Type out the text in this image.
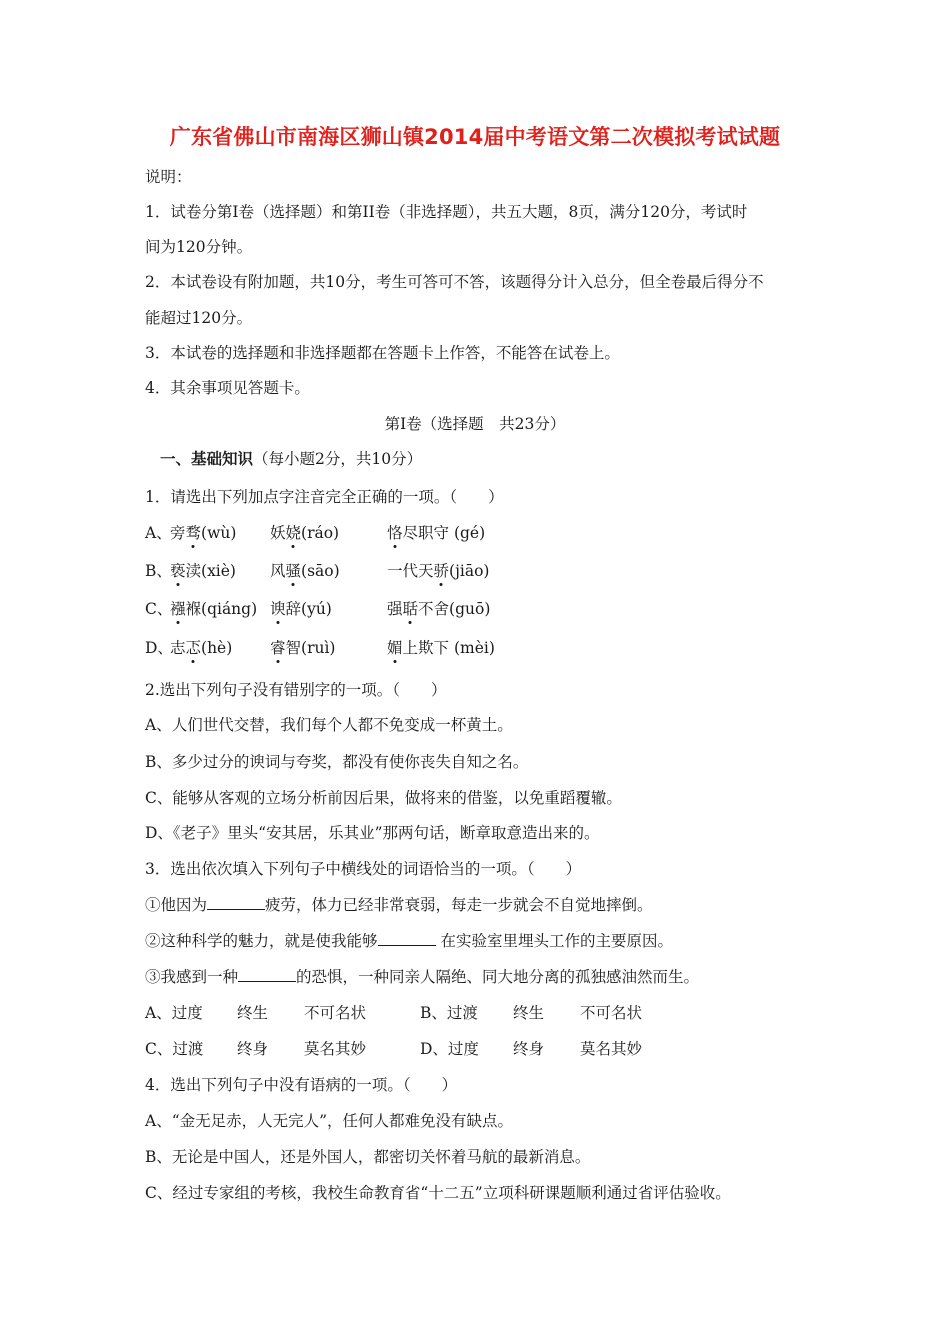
广东省佛山市南海区狮山镇2014届中考语文第二次模拟考试试题
说明：
1．试卷分第I卷（选择题）和第II卷（非选择题），共五大题，8页，满分120分，考试时
间为120分钟。
2．本试卷设有附加题，共10分，考生可答可不答，该题得分计入总分，但全卷最后得分不
能超过120分。
3．本试卷的选择题和非选择题都在答题卡上作答，不能答在试卷上。
4．其余事项见答题卡。
第Ⅰ卷（选择题　共23分）
一、基础知识（每小题2分，共10分）
1．请选出下列加点字注音完全正确的一项。（　　）
A、
旁骛(wù) 妖娆(ráo)	恪尽职守 (gé)
B、
亵渎(xiè) 风骚(sāo)	一代天骄(jiāo)
C、
襁褓(qiáng) 谀辞(yú)	强聒不舍(guō)
D、
志忑(hè) 睿智(ruì)	媚上欺下 (mèi)
2.选出下列句子没有错别字的一项。（　　）
A、人们世代交替，我们每个人都不免变成一杯黄土。
B、多少过分的谀词与夸奖，都没有使你丧失自知之名。
C、能够从客观的立场分析前因后果，做将来的借鉴，以免重蹈覆辙。
D、《老子》里头“安其居，乐其业”那两句话，断章取意造出来的。
3．选出依次填入下列句子中横线处的词语恰当的一项。（　　）
①他因为	疲劳，体力已经非常衰弱，每走一步就会不自觉地摔倒。
②这种科学的魅力，就是使我能够	在实验室里埋头工作的主要原因。
③我感到一种	的恐惧，一种同亲人隔绝、同大地分离的孤独感油然而生。
A、过度 终生 不可名状	B、过渡 终生 不可名状
C、过渡 终身 莫名其妙	D、过度 终身 莫名其妙
4．选出下列句子中没有语病的一项。（　　）
A、“金无足赤，人无完人”，任何人都难免没有缺点。
B、无论是中国人，还是外国人，都密切关怀着马航的最新消息。
C、经过专家组的考核，我校生命教育省“十二五”立项科研课题顺利通过省评估验收。
